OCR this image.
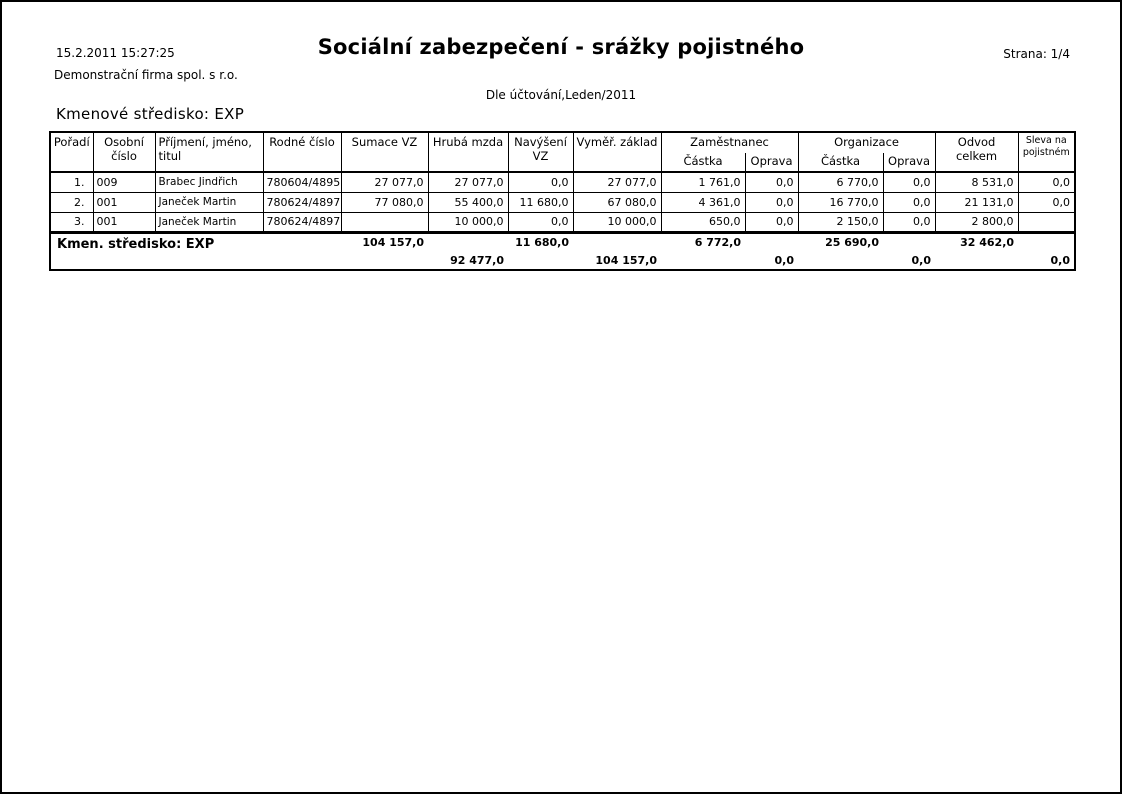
15.2.2011 15:27:25
Demonstrační firma spol. s r.o.
Sociální zabezpečení - srážky pojistného	Strana: 1/4
Dle účtování,Leden/2011
Kmenové středisko: EXP
Pořadí	Osobní číslo	Příjmení, jméno, titul	Rodné číslo	Sumace VZ	Hrubá mzda	Navýšení VZ	Vyměř. základ	Zaměstnanec		Organizace		Odvod celkem	Sleva na pojistném
								Částka	Oprava	Částka	Oprava		
1.	009	Brabec Jindřich	780604/4895	27 077,0	27 077,0	0,0	27 077,0	1 761,0	0,0	6 770,0	0,0	8 531,0	0,0
2.	001	Janeček Martin	780624/4897	77 080,0	55 400,0	11 680,0	67 080,0	4 361,0	0,0	16 770,0	0,0	21 131,0	0,0
3.	001	Janeček Martin	780624/4897		10 000,0	0,0	10 000,0	650,0	0,0	2 150,0	0,0	2 800,0	
Kmen. středisko: EXP				104 157,0		11 680,0		6 772,0		25 690,0		32 462,0	
					92 477,0		104 157,0		0,0		0,0		0,0
